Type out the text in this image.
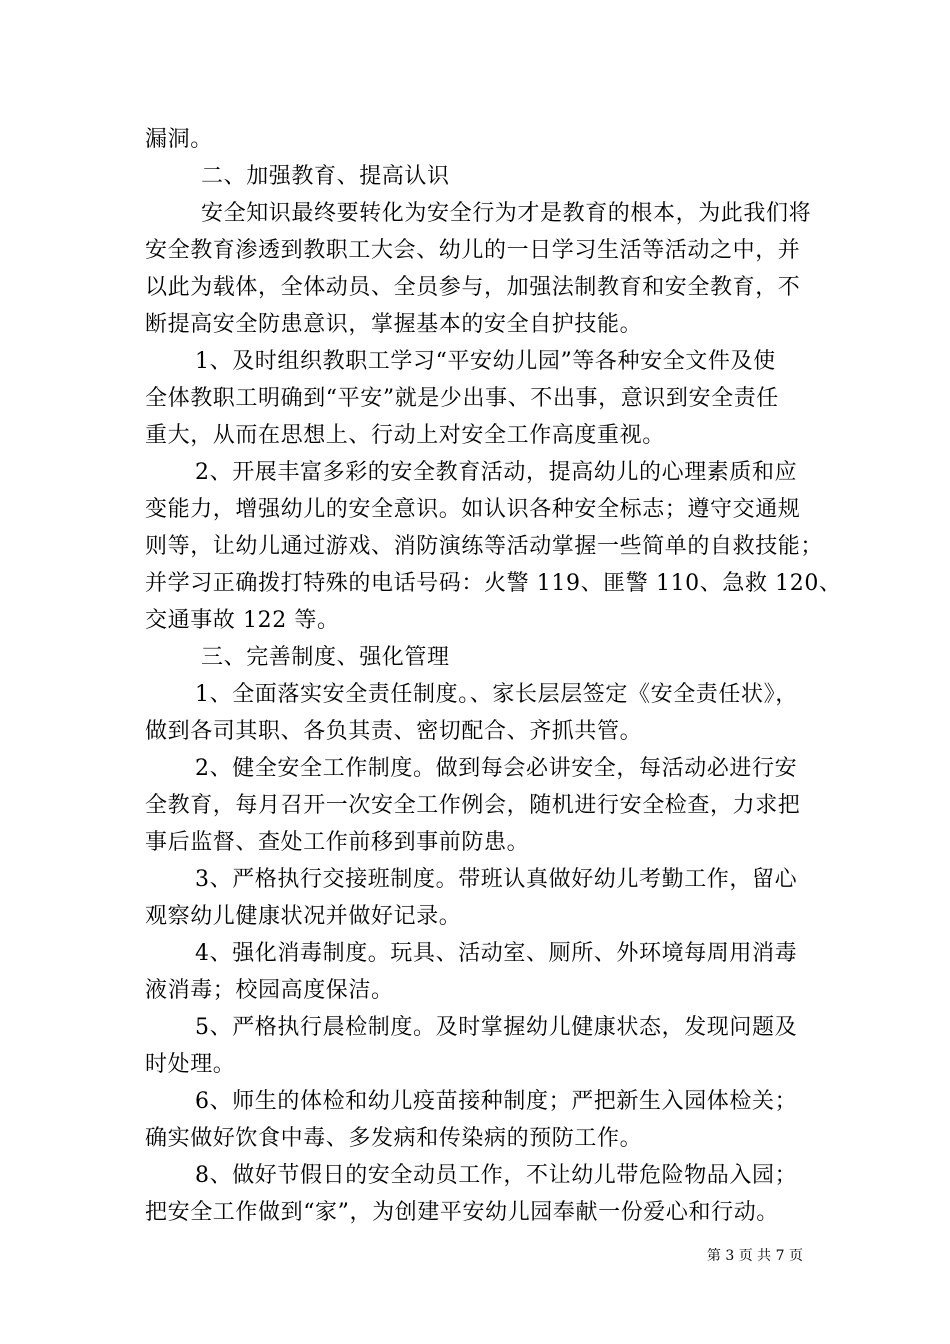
漏洞。
二、加强教育、提高认识
安全知识最终要转化为安全行为才是教育的根本，为此我们将
安全教育渗透到教职工大会、幼儿的一日学习生活等活动之中，并
以此为载体，全体动员、全员参与，加强法制教育和安全教育，不
断提高安全防患意识，掌握基本的安全自护技能。
1、及时组织教职工学习“平安幼儿园”等各种安全文件及使
全体教职工明确到“平安”就是少出事、不出事，意识到安全责任
重大，从而在思想上、行动上对安全工作高度重视。
2、开展丰富多彩的安全教育活动，提高幼儿的心理素质和应
变能力，增强幼儿的安全意识。如认识各种安全标志；遵守交通规
则等，让幼儿通过游戏、消防演练等活动掌握一些简单的自救技能；
并学习正确拨打特殊的电话号码：火警 119、匪警 110、急救 120、
交通事故 122 等。
三、完善制度、强化管理
1、全面落实安全责任制度。、家长层层签定《安全责任状》，
做到各司其职、各负其责、密切配合、齐抓共管。
2、健全安全工作制度。做到每会必讲安全，每活动必进行安
全教育，每月召开一次安全工作例会，随机进行安全检查，力求把
事后监督、查处工作前移到事前防患。
3、严格执行交接班制度。带班认真做好幼儿考勤工作，留心
观察幼儿健康状况并做好记录。
4、强化消毒制度。玩具、活动室、厕所、外环境每周用消毒
液消毒；校园高度保洁。
5、严格执行晨检制度。及时掌握幼儿健康状态，发现问题及
时处理。
6、师生的体检和幼儿疫苗接种制度；严把新生入园体检关；
确实做好饮食中毒、多发病和传染病的预防工作。
8、做好节假日的安全动员工作，不让幼儿带危险物品入园；
把安全工作做到“家”，为创建平安幼儿园奉献一份爱心和行动。
第 3 页 共 7 页
